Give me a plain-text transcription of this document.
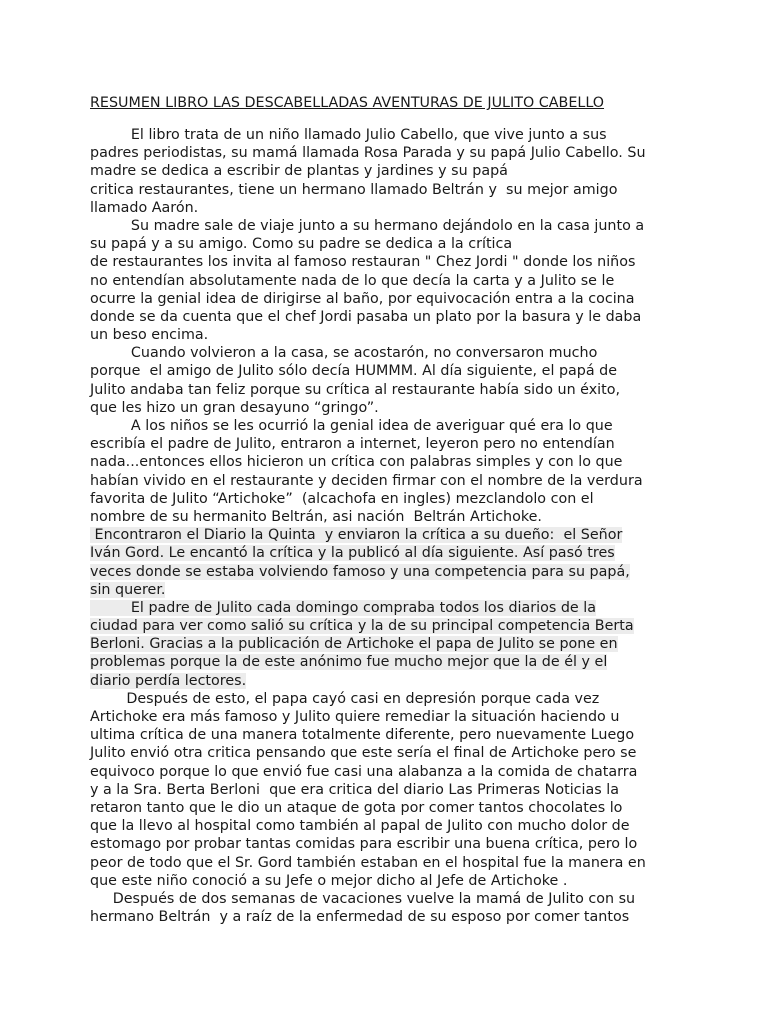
RESUMEN LIBRO LAS DESCABELLADAS AVENTURAS DE JULITO CABELLO
El libro trata de un niño llamado Julio Cabello, que vive junto a sus
padres periodistas, su mamá llamada Rosa Parada y su papá Julio Cabello. Su
madre se dedica a escribir de plantas y jardines y su papá
critica restaurantes, tiene un hermano llamado Beltrán y  su mejor amigo
llamado Aarón.
Su madre sale de viaje junto a su hermano dejándolo en la casa junto a
su papá y a su amigo. Como su padre se dedica a la crítica
de restaurantes los invita al famoso restauran " Chez Jordi " donde los niños
no entendían absolutamente nada de lo que decía la carta y a Julito se le
ocurre la genial idea de dirigirse al baño, por equivocación entra a la cocina
donde se da cuenta que el chef Jordi pasaba un plato por la basura y le daba
un beso encima.
Cuando volvieron a la casa, se acostarón, no conversaron mucho
porque  el amigo de Julito sólo decía HUMMM. Al día siguiente, el papá de
Julito andaba tan feliz porque su crítica al restaurante había sido un éxito,
que les hizo un gran desayuno “gringo”.
A los niños se les ocurrió la genial idea de averiguar qué era lo que
escribía el padre de Julito, entraron a internet, leyeron pero no entendían
nada...entonces ellos hicieron un crítica con palabras simples y con lo que
habían vivido en el restaurante y deciden firmar con el nombre de la verdura
favorita de Julito “Artichoke”  (alcachofa en ingles) mezclandolo con el
nombre de su hermanito Beltrán, asi nación  Beltrán Artichoke.
Encontraron el Diario la Quinta  y enviaron la crítica a su dueño:  el Señor
Iván Gord. Le encantó la crítica y la publicó al día siguiente. Así pasó tres
veces donde se estaba volviendo famoso y una competencia para su papá,
sin querer.
El padre de Julito cada domingo compraba todos los diarios de la
ciudad para ver como salió su crítica y la de su principal competencia Berta
Berloni. Gracias a la publicación de Artichoke el papa de Julito se pone en
problemas porque la de este anónimo fue mucho mejor que la de él y el
diario perdía lectores.
Después de esto, el papa cayó casi en depresión porque cada vez
Artichoke era más famoso y Julito quiere remediar la situación haciendo u
ultima crítica de una manera totalmente diferente, pero nuevamente Luego
Julito envió otra critica pensando que este sería el final de Artichoke pero se
equivoco porque lo que envió fue casi una alabanza a la comida de chatarra
y a la Sra. Berta Berloni  que era critica del diario Las Primeras Noticias la
retaron tanto que le dio un ataque de gota por comer tantos chocolates lo
que la llevo al hospital como también al papal de Julito con mucho dolor de
estomago por probar tantas comidas para escribir una buena crítica, pero lo
peor de todo que el Sr. Gord también estaban en el hospital fue la manera en
que este niño conoció a su Jefe o mejor dicho al Jefe de Artichoke .
Después de dos semanas de vacaciones vuelve la mamá de Julito con su
hermano Beltrán  y a raíz de la enfermedad de su esposo por comer tantos
